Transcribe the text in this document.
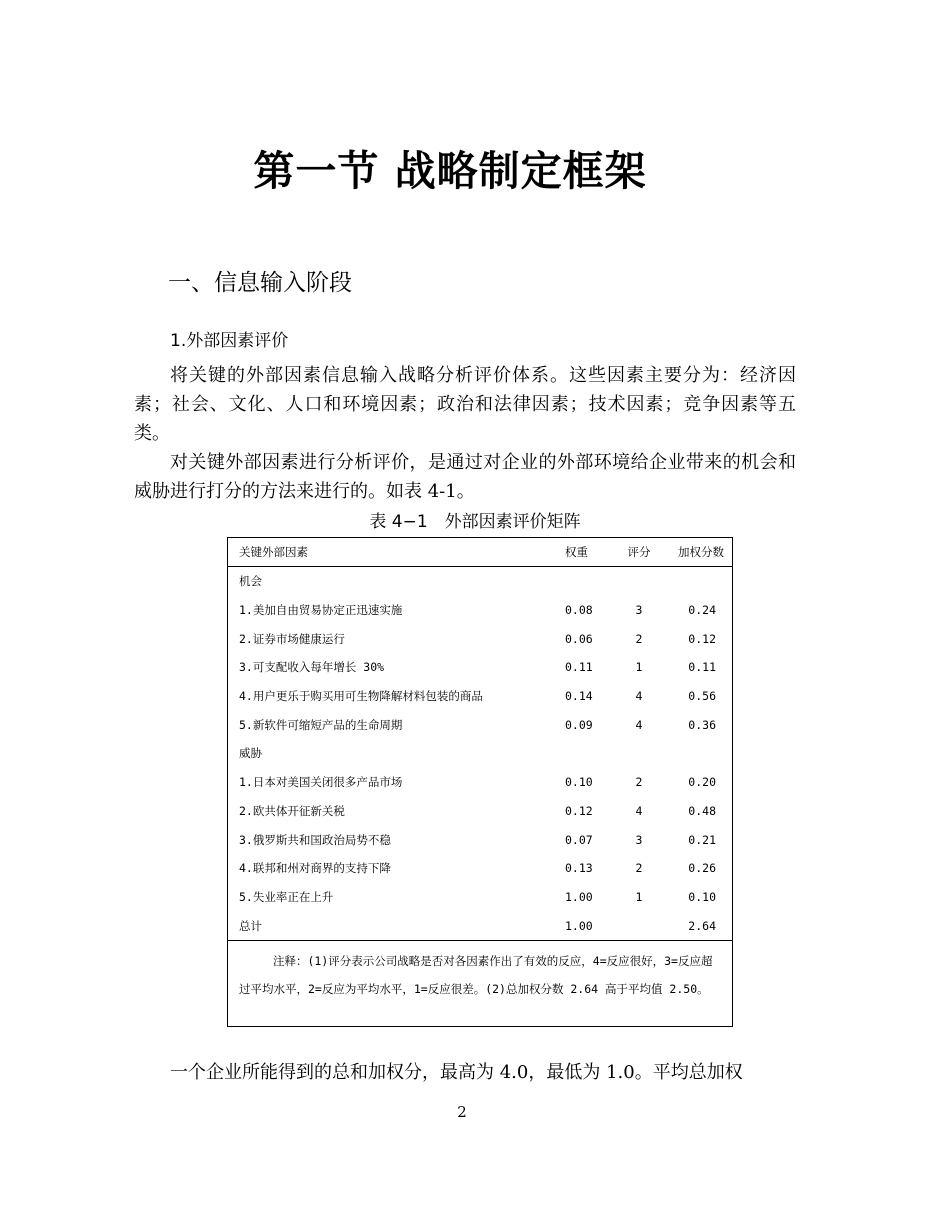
第一节 战略制定框架
一、信息输入阶段
1.外部因素评价

将关键的外部因素信息输入战略分析评价体系。这些因素主要分为：经济因素；社会、文化、人口和环境因素；政治和法律因素；技术因素；竞争因素等五类。

对关键外部因素进行分析评价，是通过对企业的外部环境给企业带来的机会和威胁进行打分的方法来进行的。如表 4-1。

表 4−1　外部因素评价矩阵
关键外部因素	权重	评分	加权分数
机会			
1.美加自由贸易协定正迅速实施	0.08	3	0.24
2.证券市场健康运行	0.06	2	0.12
3.可支配收入每年增长 30%	0.11	1	0.11
4.用户更乐于购买用可生物降解材料包装的商品	0.14	4	0.56
5.新软件可缩短产品的生命周期	0.09	4	0.36
威胁			
1.日本对美国关闭很多产品市场	0.10	2	0.20
2.欧共体开征新关税	0.12	4	0.48
3.俄罗斯共和国政治局势不稳	0.07	3	0.21
4.联邦和州对商界的支持下降	0.13	2	0.26
5.失业率正在上升	1.00	1	0.10
总计	1.00		2.64
注释：(1)评分表示公司战略是否对各因素作出了有效的反应，4=反应很好，3=反应超过平均水平，2=反应为平均水平，1=反应很差。(2)总加权分数 2.64 高于平均值 2.50。

一个企业所能得到的总和加权分，最高为 4.0，最低为 1.0。平均总加权

2
